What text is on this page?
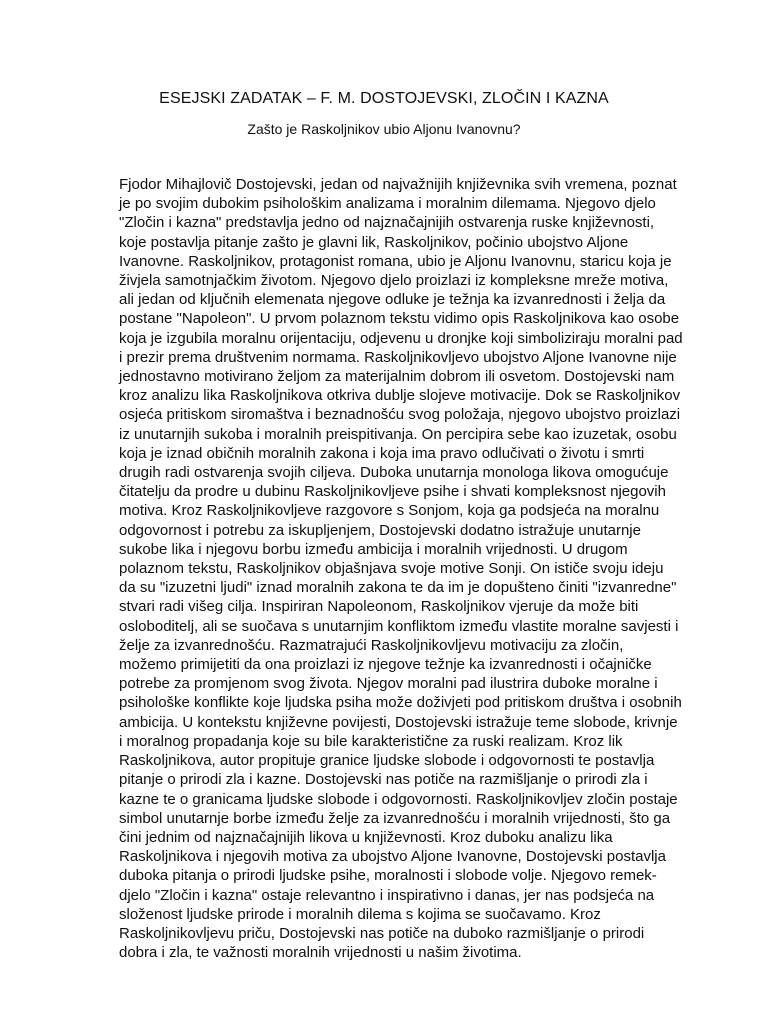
ESEJSKI ZADATAK – F. M. DOSTOJEVSKI, ZLOČIN I KAZNA
Zašto je Raskoljnikov ubio Aljonu Ivanovnu?
Fjodor Mihajlovič Dostojevski, jedan od najvažnijih književnika svih vremena, poznat
je po svojim dubokim psihološkim analizama i moralnim dilemama. Njegovo djelo
"Zločin i kazna" predstavlja jedno od najznačajnijih ostvarenja ruske književnosti,
koje postavlja pitanje zašto je glavni lik, Raskoljnikov, počinio ubojstvo Aljone
Ivanovne. Raskoljnikov, protagonist romana, ubio je Aljonu Ivanovnu, staricu koja je
živjela samotnjačkim životom. Njegovo djelo proizlazi iz kompleksne mreže motiva,
ali jedan od ključnih elemenata njegove odluke je težnja ka izvanrednosti i želja da
postane "Napoleon". U prvom polaznom tekstu vidimo opis Raskoljnikova kao osobe
koja je izgubila moralnu orijentaciju, odjevenu u dronjke koji simboliziraju moralni pad
i prezir prema društvenim normama. Raskoljnikovljevo ubojstvo Aljone Ivanovne nije
jednostavno motivirano željom za materijalnim dobrom ili osvetom. Dostojevski nam
kroz analizu lika Raskoljnikova otkriva dublje slojeve motivacije. Dok se Raskoljnikov
osjeća pritiskom siromaštva i beznadnošću svog položaja, njegovo ubojstvo proizlazi
iz unutarnjih sukoba i moralnih preispitivanja. On percipira sebe kao izuzetak, osobu
koja je iznad običnih moralnih zakona i koja ima pravo odlučivati o životu i smrti
drugih radi ostvarenja svojih ciljeva. Duboka unutarnja monologa likova omogućuje
čitatelju da prodre u dubinu Raskoljnikovljeve psihe i shvati kompleksnost njegovih
motiva. Kroz Raskoljnikovljeve razgovore s Sonjom, koja ga podsjeća na moralnu
odgovornost i potrebu za iskupljenjem, Dostojevski dodatno istražuje unutarnje
sukobe lika i njegovu borbu između ambicija i moralnih vrijednosti. U drugom
polaznom tekstu, Raskoljnikov objašnjava svoje motive Sonji. On ističe svoju ideju
da su "izuzetni ljudi" iznad moralnih zakona te da im je dopušteno činiti "izvanredne"
stvari radi višeg cilja. Inspiriran Napoleonom, Raskoljnikov vjeruje da može biti
osloboditelj, ali se suočava s unutarnjim konfliktom između vlastite moralne savjesti i
želje za izvanrednošću. Razmatrajući Raskoljnikovljevu motivaciju za zločin,
možemo primijetiti da ona proizlazi iz njegove težnje ka izvanrednosti i očajničke
potrebe za promjenom svog života. Njegov moralni pad ilustrira duboke moralne i
psihološke konflikte koje ljudska psiha može doživjeti pod pritiskom društva i osobnih
ambicija. U kontekstu književne povijesti, Dostojevski istražuje teme slobode, krivnje
i moralnog propadanja koje su bile karakteristične za ruski realizam. Kroz lik
Raskoljnikova, autor propituje granice ljudske slobode i odgovornosti te postavlja
pitanje o prirodi zla i kazne. Dostojevski nas potiče na razmišljanje o prirodi zla i
kazne te o granicama ljudske slobode i odgovornosti. Raskoljnikovljev zločin postaje
simbol unutarnje borbe između želje za izvanrednošću i moralnih vrijednosti, što ga
čini jednim od najznačajnijih likova u književnosti. Kroz duboku analizu lika
Raskoljnikova i njegovih motiva za ubojstvo Aljone Ivanovne, Dostojevski postavlja
duboka pitanja o prirodi ljudske psihe, moralnosti i slobode volje. Njegovo remek-
djelo "Zločin i kazna" ostaje relevantno i inspirativno i danas, jer nas podsjeća na
složenost ljudske prirode i moralnih dilema s kojima se suočavamo. Kroz
Raskoljnikovljevu priču, Dostojevski nas potiče na duboko razmišljanje o prirodi
dobra i zla, te važnosti moralnih vrijednosti u našim životima.
